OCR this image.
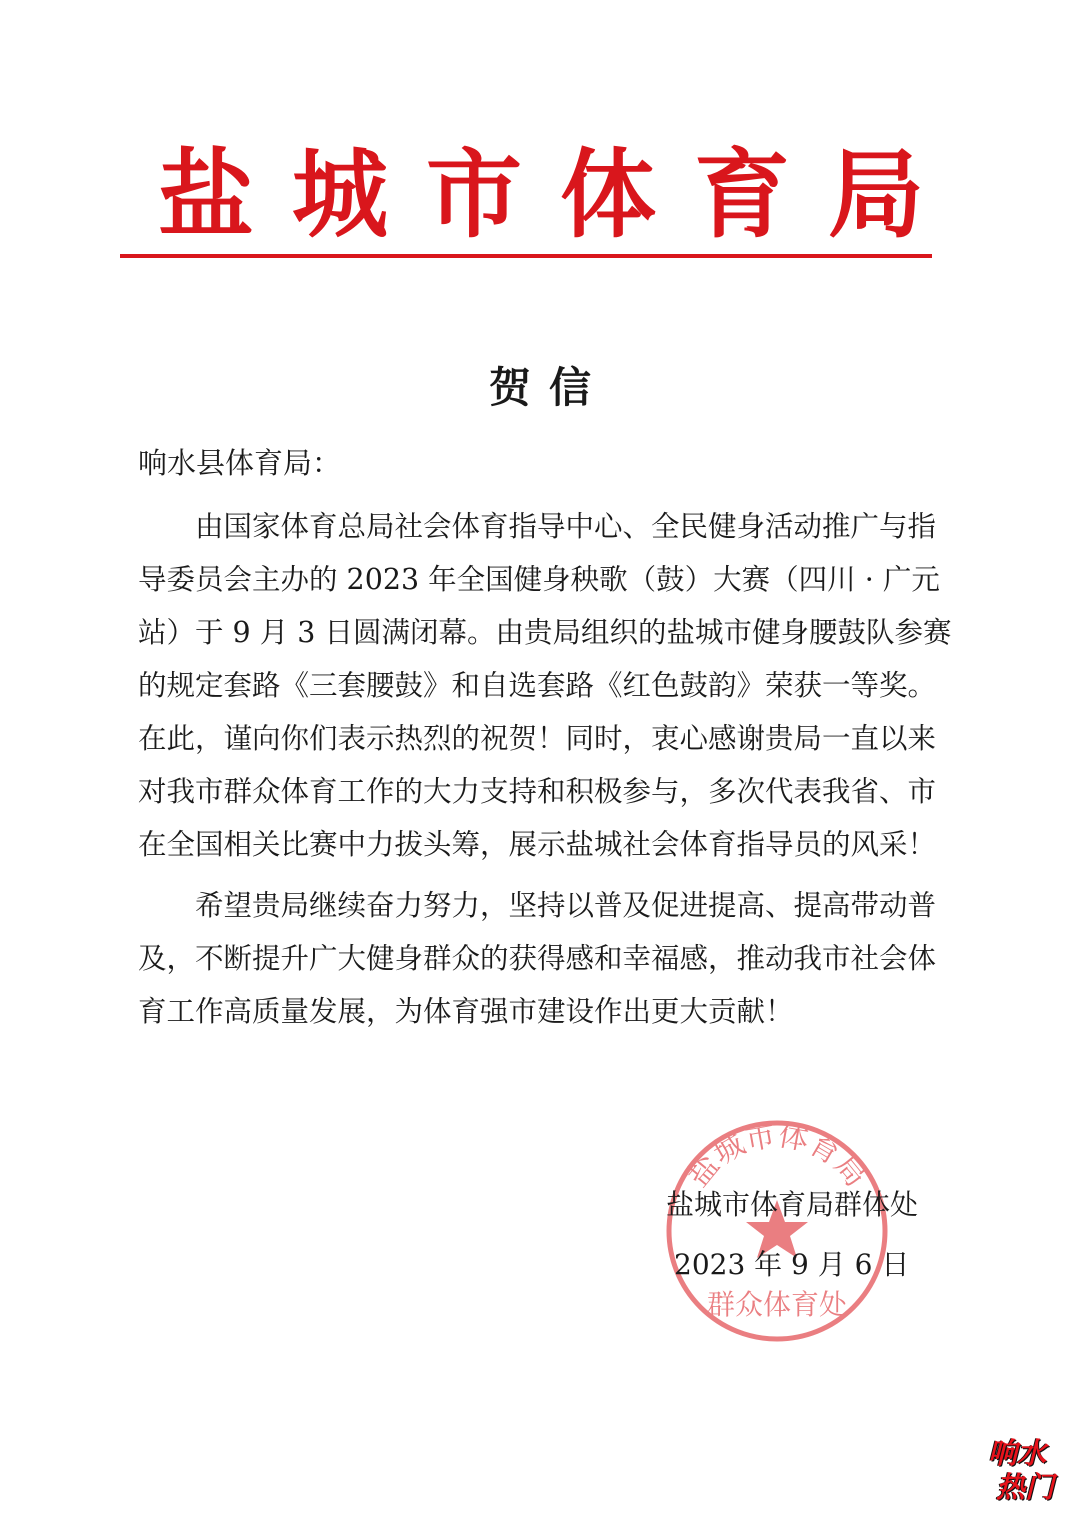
盐城市体育局
贺信
响水县体育局：
　　由国家体育总局社会体育指导中心、全民健身活动推广与指
导委员会主办的 2023 年全国健身秧歌（鼓）大赛（四川 · 广元
站）于 9 月 3 日圆满闭幕。由贵局组织的盐城市健身腰鼓队参赛
的规定套路《三套腰鼓》和自选套路《红色鼓韵》荣获一等奖。
在此，谨向你们表示热烈的祝贺！同时，衷心感谢贵局一直以来
对我市群众体育工作的大力支持和积极参与，多次代表我省、市
在全国相关比赛中力拔头筹，展示盐城社会体育指导员的风采！
　　希望贵局继续奋力努力，坚持以普及促进提高、提高带动普
及，不断提升广大健身群众的获得感和幸福感，推动我市社会体
育工作高质量发展，为体育强市建设作出更大贡献！
盐城市体育局
群众体育处
盐城市体育局群体处
2023 年 9 月 6 日
响水
热门
